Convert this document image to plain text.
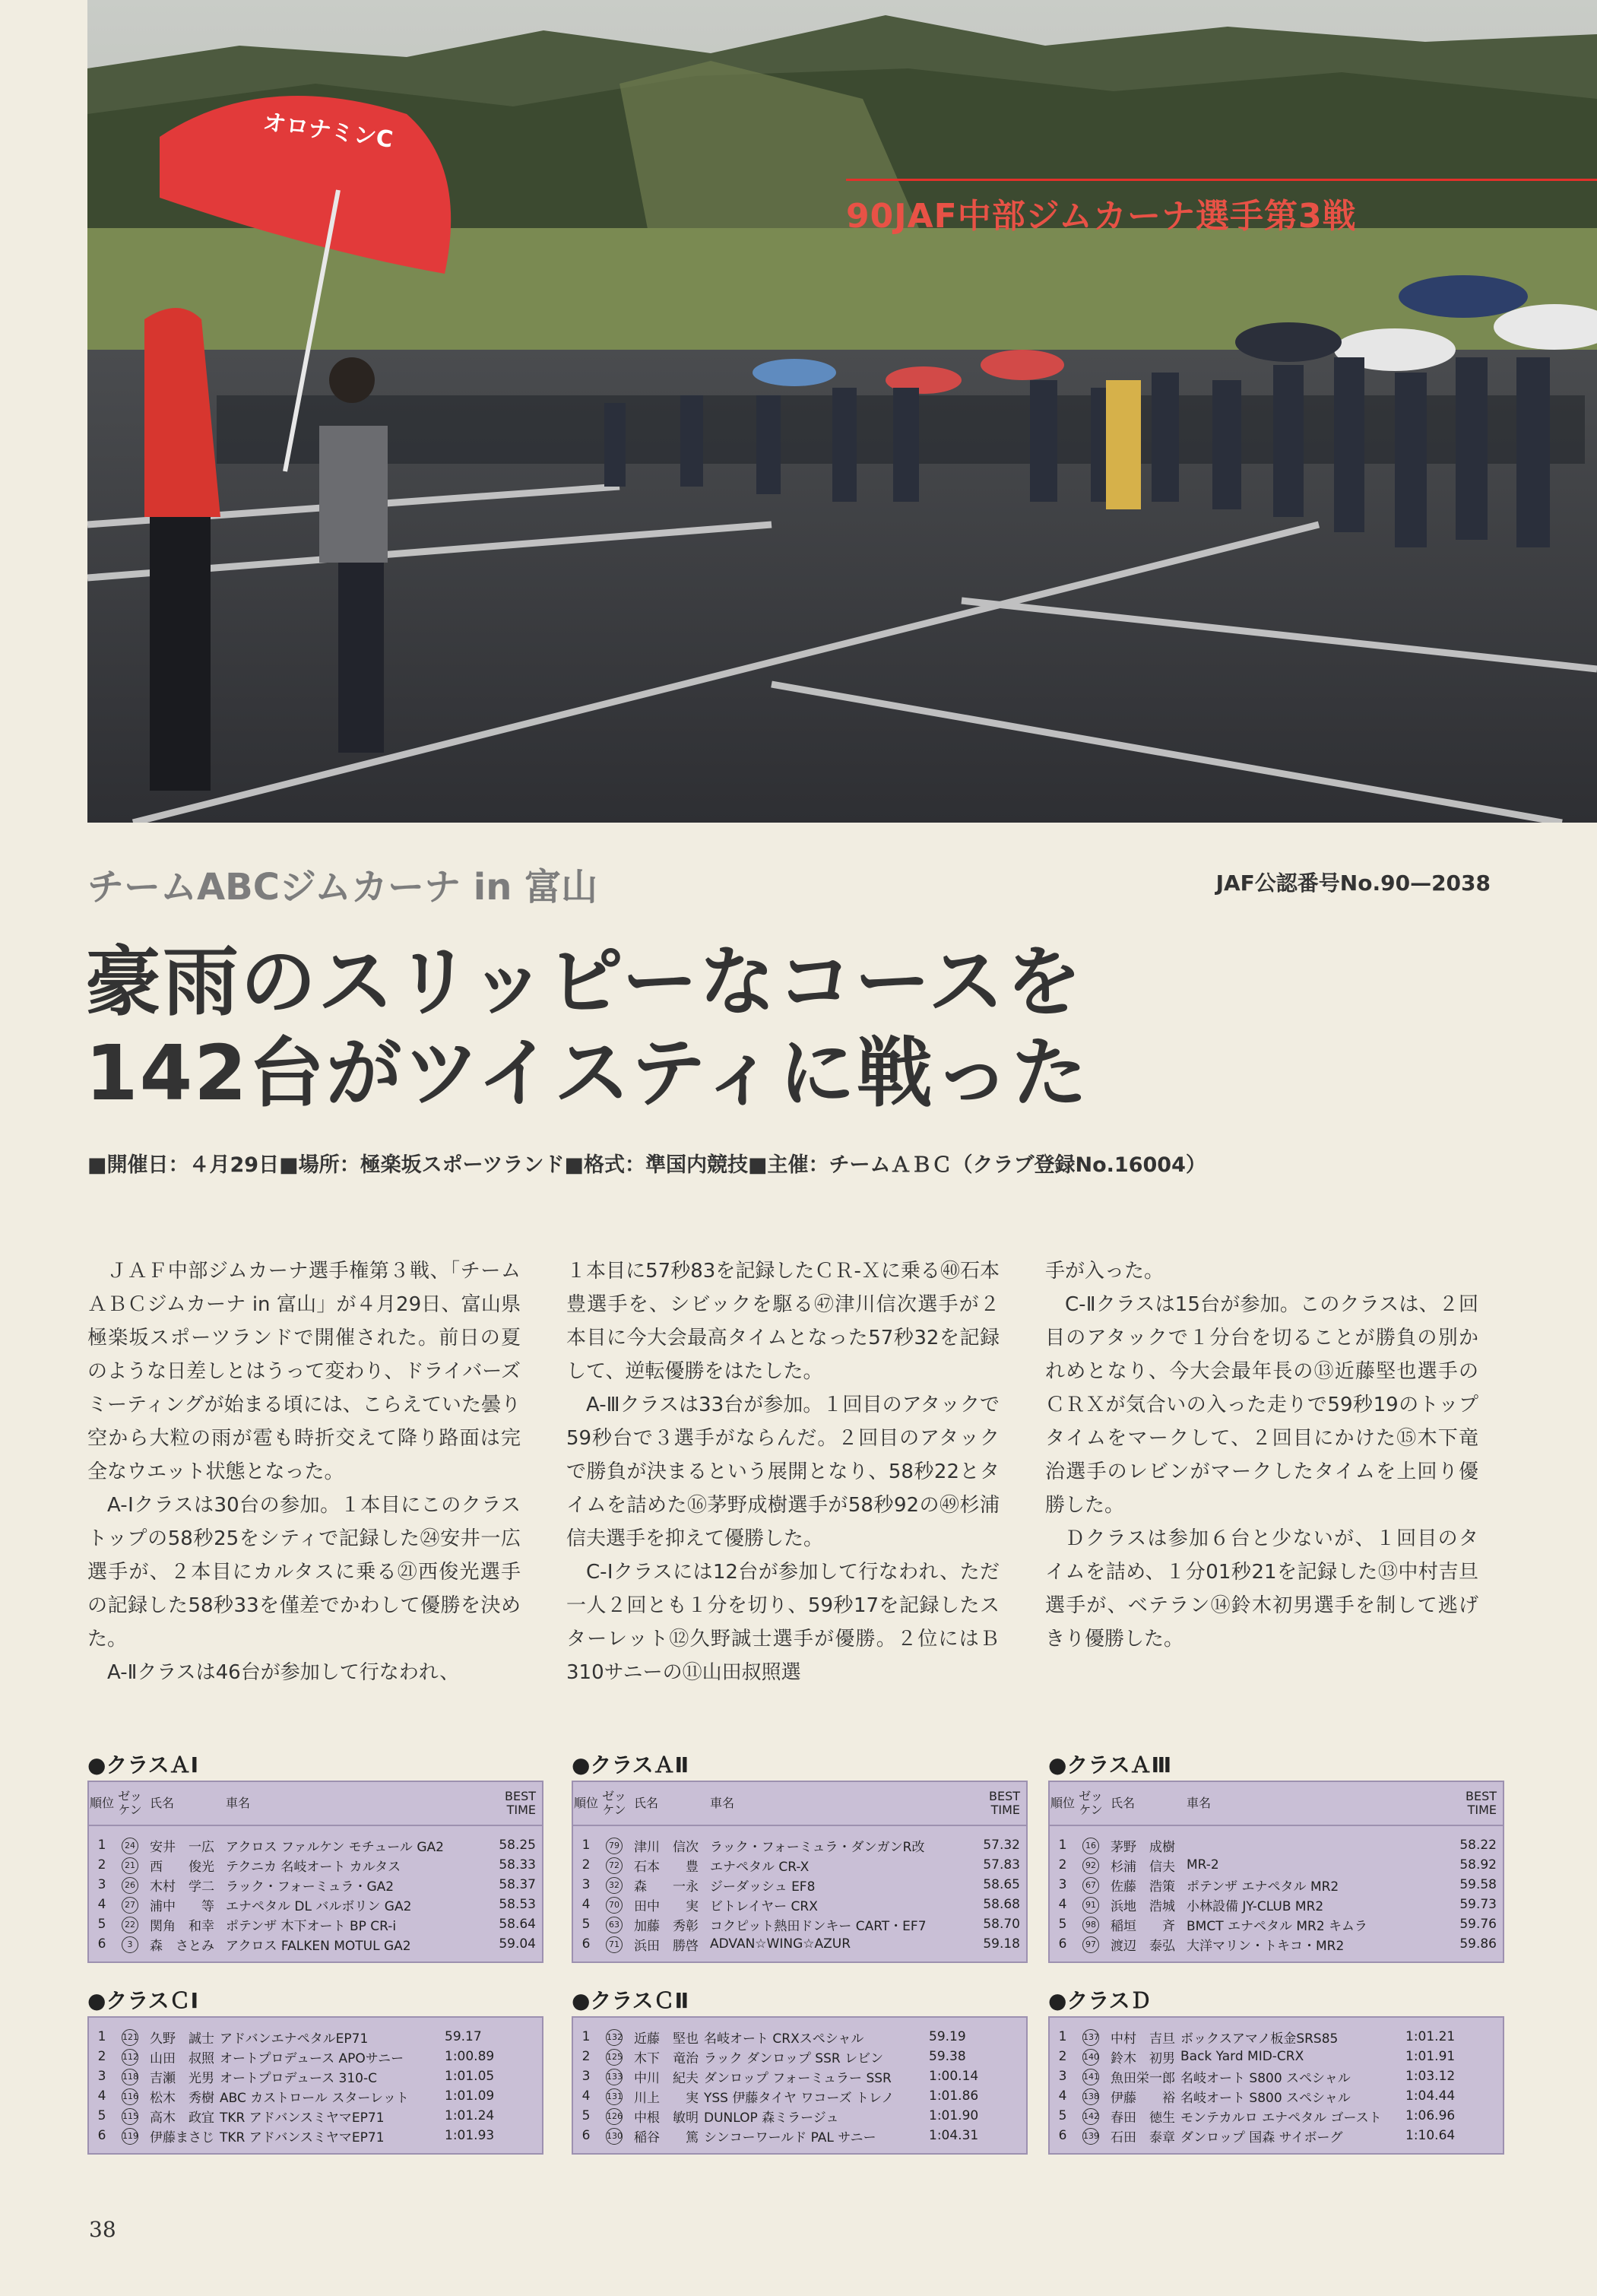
オロナミンC
90JAF中部ジムカーナ選手第3戦
チームABCジムカーナ in 富山	JAF公認番号No.90—2038
豪雨のスリッピーなコースを
142台がツイスティに戦った
■開催日：４月29日■場所：極楽坂スポーツランド■格式：準国内競技■主催：チームＡＢＣ（クラブ登録No.16004）

ＪＡＦ中部ジムカーナ選手権第３戦、「チームＡＢＣジムカーナ in 富山」が４月29日、富山県極楽坂スポーツランドで開催された。前日の夏のような日差しとはうって変わり、ドライバーズミーティングが始まる頃には、こらえていた曇り空から大粒の雨が雹も時折交えて降り路面は完全なウエット状態となった。

A-Ⅰクラスは30台の参加。１本目にこのクラストップの58秒25をシティで記録した㉔安井一広選手が、２本目にカルタスに乗る㉑西俊光選手の記録した58秒33を僅差でかわして優勝を決めた。

A-Ⅱクラスは46台が参加して行なわれ、

１本目に57秒83を記録したＣＲ-Ｘに乗る㊵石本豊選手を、シビックを駆る㊼津川信次選手が２本目に今大会最高タイムとなった57秒32を記録して、逆転優勝をはたした。

A-Ⅲクラスは33台が参加。１回目のアタックで59秒台で３選手がならんだ。２回目のアタックで勝負が決まるという展開となり、58秒22とタイムを詰めた⑯茅野成樹選手が58秒92の㊾杉浦信夫選手を抑えて優勝した。

C-Ⅰクラスには12台が参加して行なわれ、ただ一人２回とも１分を切り、59秒17を記録したスターレット⑫久野誠士選手が優勝。２位にはＢ310サニーの⑪山田叔照選

手が入った。

C-Ⅱクラスは15台が参加。このクラスは、２回目のアタックで１分台を切ることが勝負の別かれめとなり、今大会最年長の⑬近藤堅也選手のＣＲＸが気合いの入った走りで59秒19のトップタイムをマークして、２回目にかけた⑮木下竜治選手のレビンがマークしたタイムを上回り優勝した。

Ｄクラスは参加６台と少ないが、１回目のタイムを詰め、１分01秒21を記録した⑬中村吉旦選手が、ベテラン⑭鈴木初男選手を制して逃げきり優勝した。

●クラスＡⅠ
順位 ゼッケン 氏名	車名	BEST TIME
1	24	安井　一広 アクロス ファルケン モチュール GA2	58.25
2	21	西　　俊光 テクニカ 名岐オート カルタス	58.33
3	26	木村　学二 ラック・フォーミュラ・GA2	58.37
4	27	浦中　　等 エナペタル DL バルボリン GA2	58.53
5	22	関角　和幸 ポテンザ 木下オート BP CR-i	58.64
6	3	森　さとみ アクロス FALKEN MOTUL GA2	59.04
●クラスＡⅡ
順位 ゼッケン 氏名	車名	BEST TIME
1	79	津川　信次 ラック・フォーミュラ・ダンガンR改	57.32
2	72	石本　　豊 エナペタル CR-X	57.83
3	32	森　　一永 ジーダッシュ EF8	58.65
4	70	田中　　実 ビトレイヤー CRX	58.68
5	63	加藤　秀彰 コクピット熱田ドンキー CART・EF7	58.70
6	71	浜田　勝啓 ADVAN☆WING☆AZUR	59.18
●クラスＡⅢ
順位 ゼッケン 氏名	車名	BEST TIME
1	16	茅野　成樹	58.22
2	92	杉浦　信夫 MR-2	58.92
3	67	佐藤　浩策 ポテンザ エナペタル MR2	59.58
4	91	浜地　浩城 小林設備 JY-CLUB MR2	59.73
5	98	稲垣　　斉 BMCT エナペタル MR2 キムラ	59.76
6	97	渡辺　泰弘 大洋マリン・トキコ・MR2	59.86
●クラスＣⅠ
1	121 久野　誠士 アドバンエナペタルEP71	59.17
2	112 山田　叔照 オートプロデュース APOサニー	1:00.89
3	118 吉瀬　光男 オートプロデュース 310-C	1:01.05
4	116 松木　秀樹 ABC カストロール スターレット	1:01.09
5	115 高木　政宜 TKR アドバンスミヤマEP71	1:01.24
6	119 伊藤まさじ TKR アドバンスミヤマEP71	1:01.93
●クラスＣⅡ
1	132 近藤　堅也 名岐オート CRXスペシャル	59.19
2	125 木下　竜治 ラック ダンロップ SSR レビン	59.38
3	133 中川　紀夫 ダンロップ フォーミュラー SSR	1:00.14
4	131 川上　　実 YSS 伊藤タイヤ ワコーズ トレノ	1:01.86
5	126 中根　敏明 DUNLOP 森ミラージュ	1:01.90
6	130 稲谷　　篤 シンコーワールド PAL サニー	1:04.31
●クラスＤ
1	137 中村　吉旦 ボックスアマノ板金SRS85	1:01.21
2	140 鈴木　初男 Back Yard MID-CRX	1:01.91
3	141 魚田栄一郎 名岐オート S800 スペシャル	1:03.12
4	138 伊藤　　裕 名岐オート S800 スペシャル	1:04.44
5	142 春田　徳生 モンテカルロ エナペタル ゴースト	1:06.96
6	139 石田　泰章 ダンロップ 国森 サイボーグ	1:10.64
38
